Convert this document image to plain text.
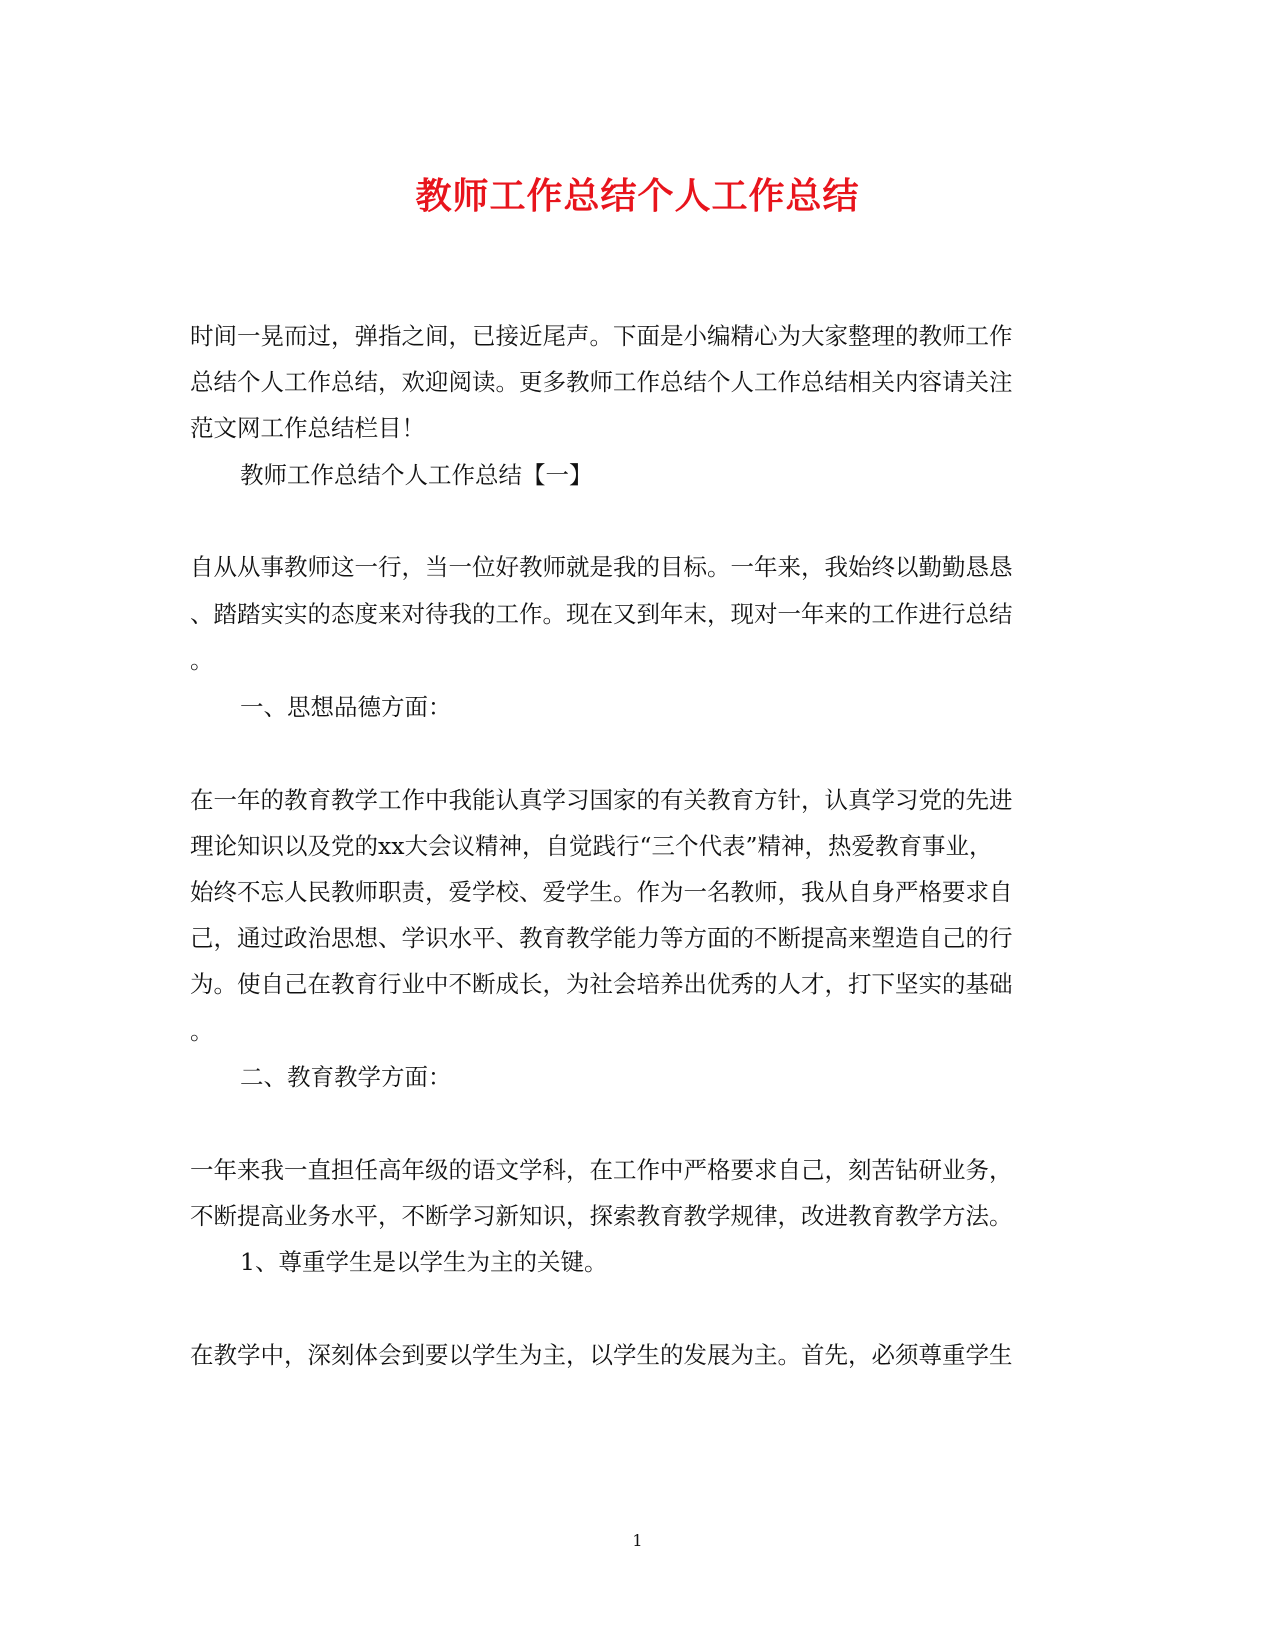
教师工作总结个人工作总结
时间一晃而过，弹指之间，已接近尾声。下面是小编精心为大家整理的教师工作
总结个人工作总结，欢迎阅读。更多教师工作总结个人工作总结相关内容请关注
范文网工作总结栏目！
教师工作总结个人工作总结【一】
自从从事教师这一行，当一位好教师就是我的目标。一年来，我始终以勤勤恳恳
、踏踏实实的态度来对待我的工作。现在又到年末，现对一年来的工作进行总结
。
一、思想品德方面：
在一年的教育教学工作中我能认真学习国家的有关教育方针，认真学习党的先进
理论知识以及党的xx大会议精神，自觉践行“三个代表”精神，热爱教育事业，
始终不忘人民教师职责，爱学校、爱学生。作为一名教师，我从自身严格要求自
己，通过政治思想、学识水平、教育教学能力等方面的不断提高来塑造自己的行
为。使自己在教育行业中不断成长，为社会培养出优秀的人才，打下坚实的基础
。
二、教育教学方面：
一年来我一直担任高年级的语文学科，在工作中严格要求自己，刻苦钻研业务，
不断提高业务水平，不断学习新知识，探索教育教学规律，改进教育教学方法。
1、尊重学生是以学生为主的关键。
在教学中，深刻体会到要以学生为主，以学生的发展为主。首先，必须尊重学生
1
